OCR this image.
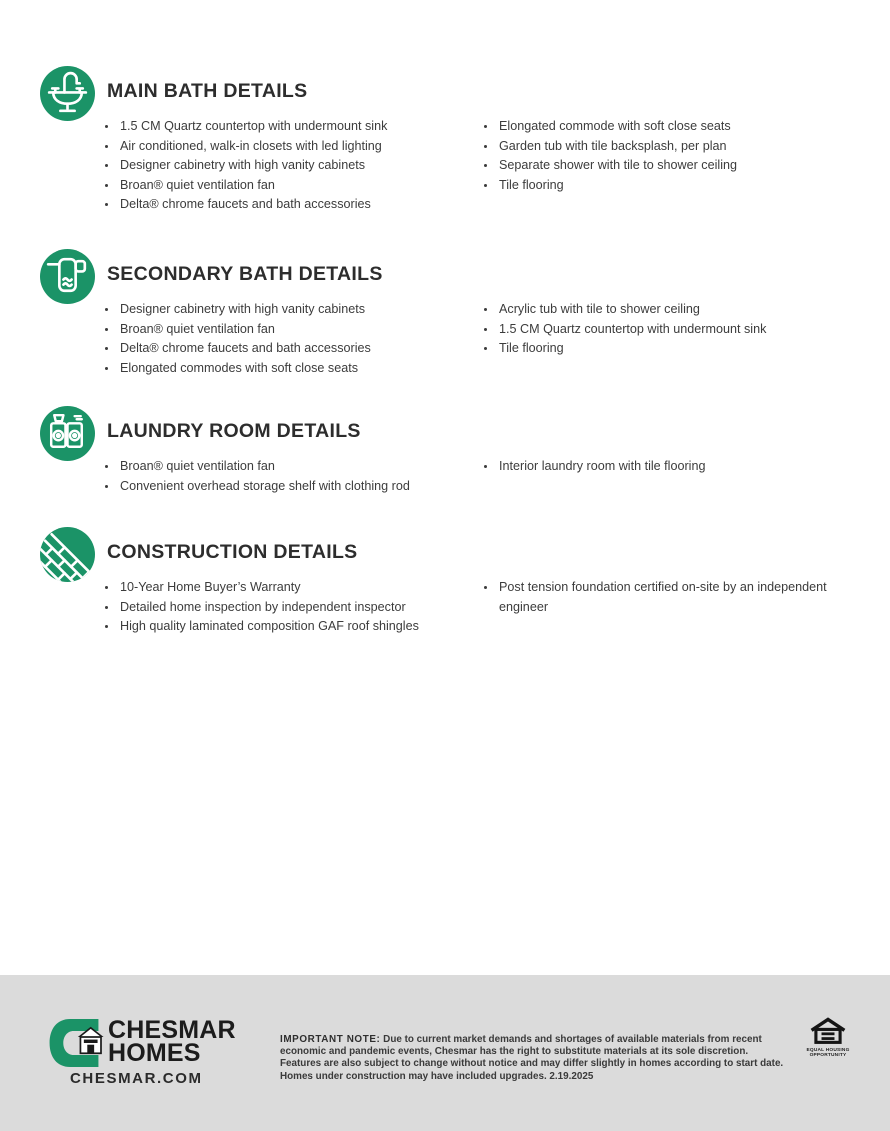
MAIN BATH DETAILS
• 1.5 CM Quartz countertop with undermount sink
• Air conditioned, walk-in closets with led lighting
• Designer cabinetry with high vanity cabinets
• Broan® quiet ventilation fan
• Delta® chrome faucets and bath accessories
• Elongated commode with soft close seats
• Garden tub with tile backsplash, per plan
• Separate shower with tile to shower ceiling
• Tile flooring
SECONDARY BATH DETAILS
• Designer cabinetry with high vanity cabinets
• Broan® quiet ventilation fan
• Delta® chrome faucets and bath accessories
• Elongated commodes with soft close seats
• Acrylic tub with tile to shower ceiling
• 1.5 CM Quartz countertop with undermount sink
• Tile flooring
LAUNDRY ROOM DETAILS
• Broan® quiet ventilation fan
• Convenient overhead storage shelf with clothing rod
• Interior laundry room with tile flooring
CONSTRUCTION DETAILS
• 10-Year Home Buyer’s Warranty
• Detailed home inspection by independent inspector
• High quality laminated composition GAF roof shingles
• Post tension foundation certified on-site by an independent engineer
CHESMAR
HOMES
CHESMAR.COM

IMPORTANT NOTE: Due to current market demands and shortages of available materials from recent economic and pandemic events, Chesmar has the right to substitute materials at its sole discretion. Features are also subject to change without notice and may differ slightly in homes according to start date. Homes under construction may have included upgrades. 2.19.2025

EQUAL HOUSING
OPPORTUNITY
